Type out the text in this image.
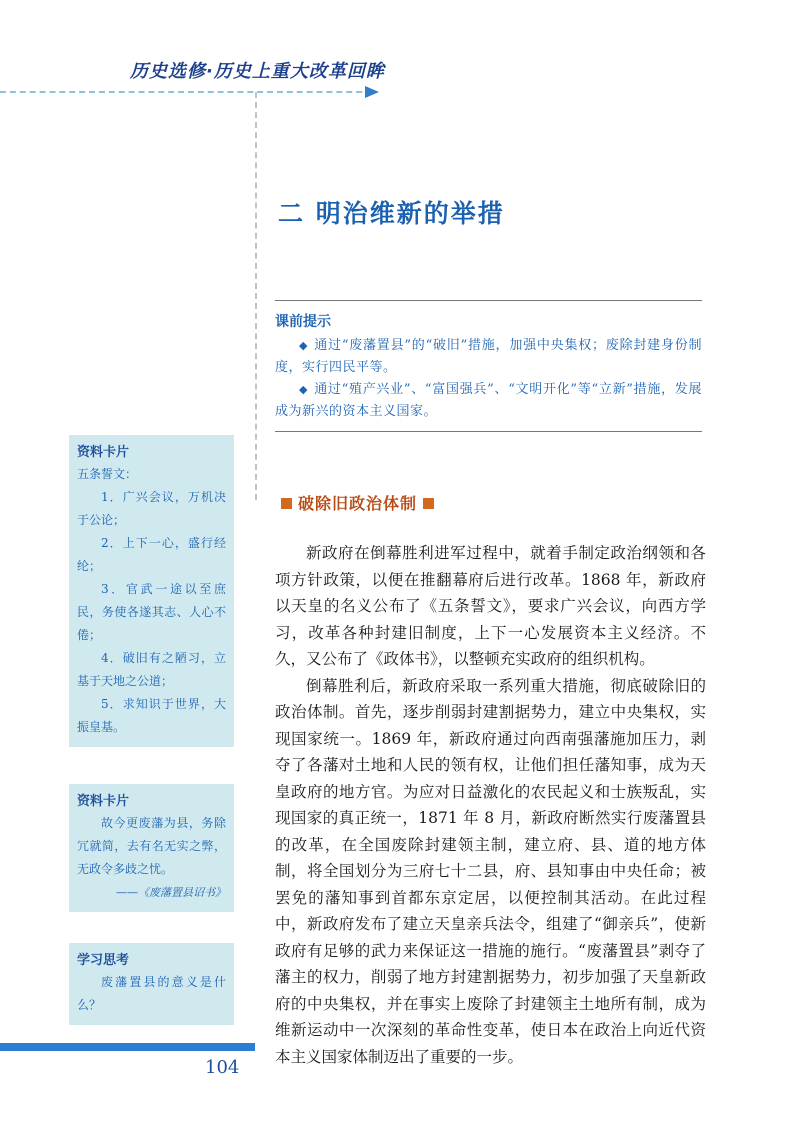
历史选修·历史上重大改革回眸
二 明治维新的举措
课前提示
◆ 通过“废藩置县”的“破旧”措施，加强中央集权；废除封建身份制度，实行四民平等。
◆ 通过“殖产兴业”、“富国强兵”、“文明开化”等“立新”措施，发展成为新兴的资本主义国家。
破除旧政治体制

新政府在倒幕胜利进军过程中，就着手制定政治纲领和各项方针政策，以便在推翻幕府后进行改革。1868 年，新政府以天皇的名义公布了《五条誓文》，要求广兴会议，向西方学习，改革各种封建旧制度，上下一心发展资本主义经济。不久，又公布了《政体书》，以整顿充实政府的组织机构。

倒幕胜利后，新政府采取一系列重大措施，彻底破除旧的政治体制。首先，逐步削弱封建割据势力，建立中央集权，实现国家统一。1869 年，新政府通过向西南强藩施加压力，剥夺了各藩对土地和人民的领有权，让他们担任藩知事，成为天皇政府的地方官。为应对日益激化的农民起义和士族叛乱，实现国家的真正统一，1871 年 8 月，新政府断然实行废藩置县的改革，在全国废除封建领主制，建立府、县、道的地方体制，将全国划分为三府七十二县，府、县知事由中央任命；被罢免的藩知事到首都东京定居，以便控制其活动。在此过程中，新政府发布了建立天皇亲兵法令，组建了“御亲兵”，使新政府有足够的武力来保证这一措施的施行。“废藩置县”剥夺了藩主的权力，削弱了地方封建割据势力，初步加强了天皇新政府的中央集权，并在事实上废除了封建领主土地所有制，成为维新运动中一次深刻的革命性变革，使日本在政治上向近代资本主义国家体制迈出了重要的一步。

资料卡片
五条誓文：
1．广兴会议，万机决于公论；
2．上下一心，盛行经纶；
3．官武一途以至庶民，务使各遂其志、人心不倦；
4．破旧有之陋习，立基于天地之公道；
5．求知识于世界，大振皇基。
资料卡片
故今更废藩为县，务除冗就简，去有名无实之弊，无政令多歧之忧。
——《废藩置县诏书》
学习思考
废藩置县的意义是什么？
104
